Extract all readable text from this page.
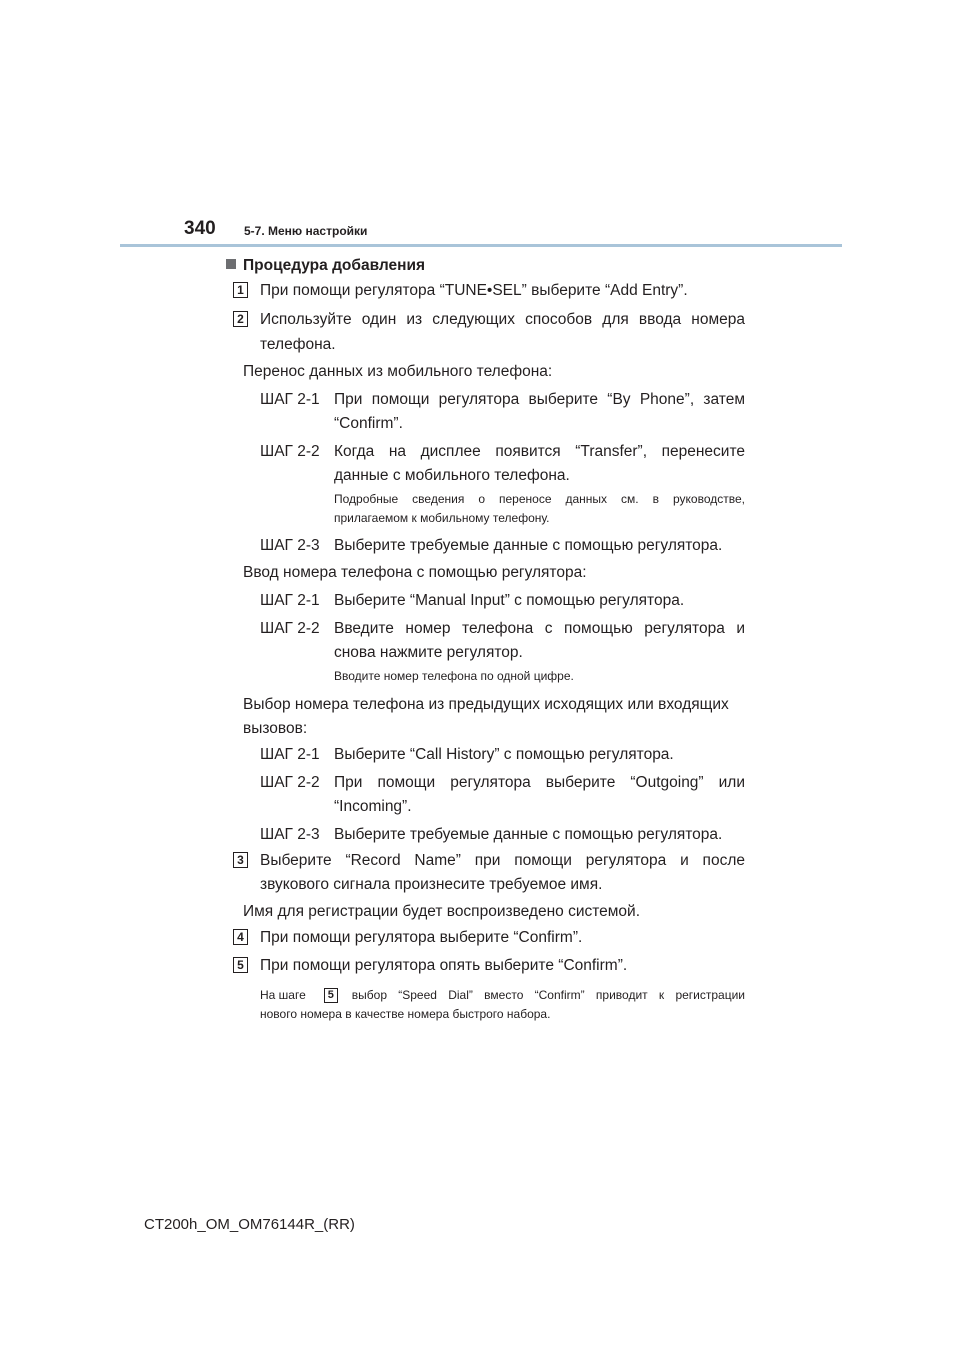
340 5-7. Меню настройки
Процедура добавления
1 При помощи регулятора “TUNE•SEL” выберите “Add Entry”.
2 Используйте один из следующих способов для ввода номера
телефона.
Перенос данных из мобильного телефона:
ШАГ 2-1 При помощи регулятора выберите “By Phone”, затем
“Confirm”.
ШАГ 2-2 Когда на дисплее появится “Transfer”, перенесите
данные с мобильного телефона.
Подробные сведения о переносе данных см. в руководстве,
прилагаемом к мобильному телефону.
ШАГ 2-3 Выберите требуемые данные с помощью регулятора.
Ввод номера телефона с помощью регулятора:
ШАГ 2-1 Выберите “Manual Input” с помощью регулятора.
ШАГ 2-2 Введите номер телефона с помощью регулятора и
снова нажмите регулятор.
Вводите номер телефона по одной цифре.
Выбор номера телефона из предыдущих исходящих или входящих
вызовов:
ШАГ 2-1 Выберите “Call History” с помощью регулятора.
ШАГ 2-2 При помощи регулятора выберите “Outgoing” или
“Incoming”.
ШАГ 2-3 Выберите требуемые данные с помощью регулятора.
3 Выберите “Record Name” при помощи регулятора и после
звукового сигнала произнесите требуемое имя.
Имя для регистрации будет воспроизведено системой.
4 При помощи регулятора выберите “Confirm”.
5 При помощи регулятора опять выберите “Confirm”.
На шаге	5	выбор “Speed Dial” вместо “Confirm” приводит к регистрации
нового номера в качестве номера быстрого набора.
CT200h_OM_OM76144R_(RR)
